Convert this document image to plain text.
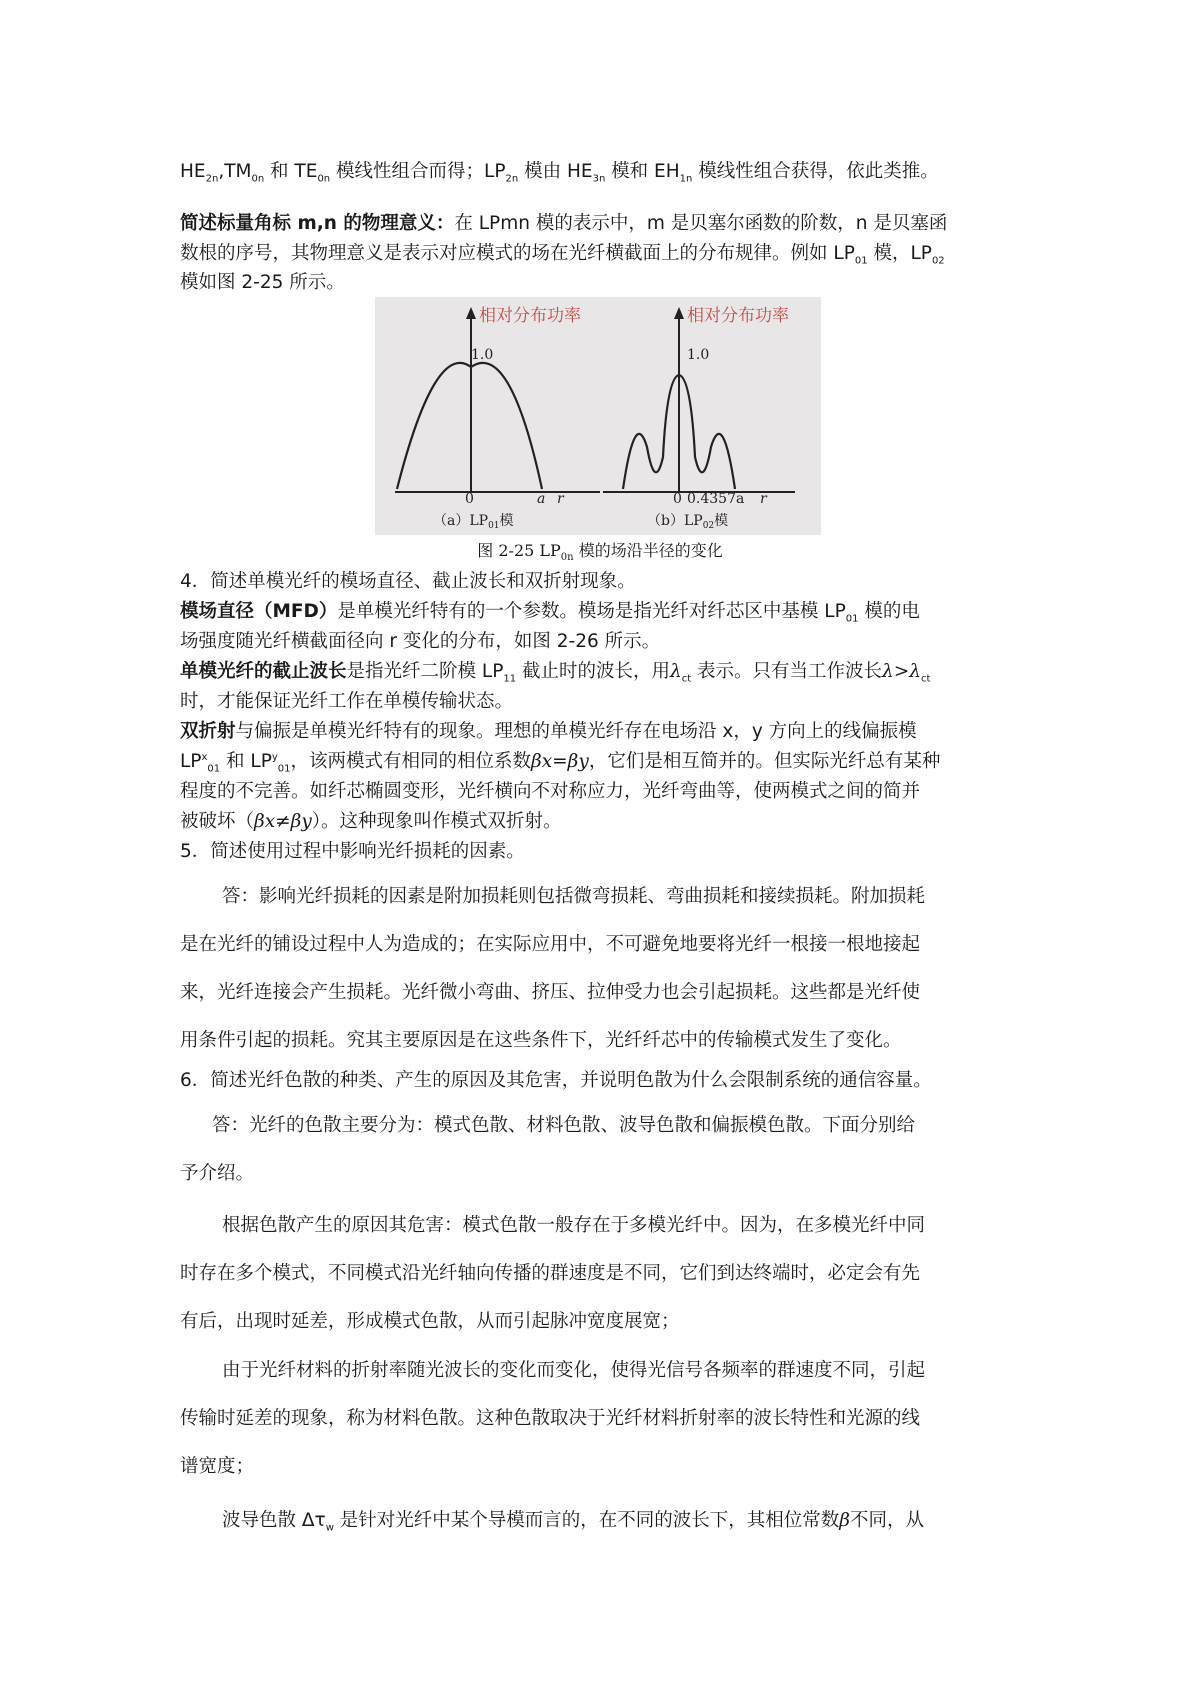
$HE_{2n},TM_{0n}$ 和 $TE_{0n}$ 模线性组合而得；$LP_{2n}$ 模由 $HE_{3n}$ 模和 $EH_{1n}$ 模线性组合获得，依此类推。
简述标量角标 m,n 的物理意义：在 LPmn 模的表示中，m 是贝塞尔函数的阶数，n 是贝塞函
数根的序号，其物理意义是表示对应模式的场在光纤横截面上的分布规律。例如 $LP_{01}$ 模，$LP_{02}$
模如图 2-25 所示。
相对分布功率
1.0
0	a r
$(a)LP_{01}$模
相对分布功率
1.0
0 0.4357a r
$(b)LP_{02}$模
图 2-25 $LP_{0n}$ 模的场沿半径的变化
4．简述单模光纤的模场直径、截止波长和双折射现象。
模场直径（MFD）是单模光纤特有的一个参数。模场是指光纤对纤芯区中基模 $LP_{01}$ 模的电
场强度随光纤横截面径向 r 变化的分布，如图 2-26 所示。
单模光纤的截止波长是指光纤二阶模 $LP_{11}$ 截止时的波长，用$\lambda_{ct}$ 表示。只有当工作波长$\lambda>\lambda_{ct}$
时，才能保证光纤工作在单模传输状态。
双折射与偏振是单模光纤特有的现象。理想的单模光纤存在电场沿 x，y 方向上的线偏振模
$LP^x_{01}$ 和 $LP^y_{01}$，该两模式有相同的相位系数βx=βy，它们是相互简并的。但实际光纤总有某种
程度的不完善。如纤芯椭圆变形，光纤横向不对称应力，光纤弯曲等，使两模式之间的简并
被破坏（βx≠βy）。这种现象叫作模式双折射。
5．简述使用过程中影响光纤损耗的因素。
答：影响光纤损耗的因素是附加损耗则包括微弯损耗、弯曲损耗和接续损耗。附加损耗
是在光纤的铺设过程中人为造成的；在实际应用中，不可避免地要将光纤一根接一根地接起
来，光纤连接会产生损耗。光纤微小弯曲、挤压、拉伸受力也会引起损耗。这些都是光纤使
用条件引起的损耗。究其主要原因是在这些条件下，光纤纤芯中的传输模式发生了变化。
6．简述光纤色散的种类、产生的原因及其危害，并说明色散为什么会限制系统的通信容量。
答：光纤的色散主要分为：模式色散、材料色散、波导色散和偏振模色散。下面分别给
予介绍。
根据色散产生的原因其危害：模式色散一般存在于多模光纤中。因为，在多模光纤中同
时存在多个模式，不同模式沿光纤轴向传播的群速度是不同，它们到达终端时，必定会有先
有后，出现时延差，形成模式色散，从而引起脉冲宽度展宽；
由于光纤材料的折射率随光波长的变化而变化，使得光信号各频率的群速度不同，引起
传输时延差的现象，称为材料色散。这种色散取决于光纤材料折射率的波长特性和光源的线
谱宽度；
波导色散 $\Delta\tau_w$ 是针对光纤中某个导模而言的，在不同的波长下，其相位常数β不同，从
